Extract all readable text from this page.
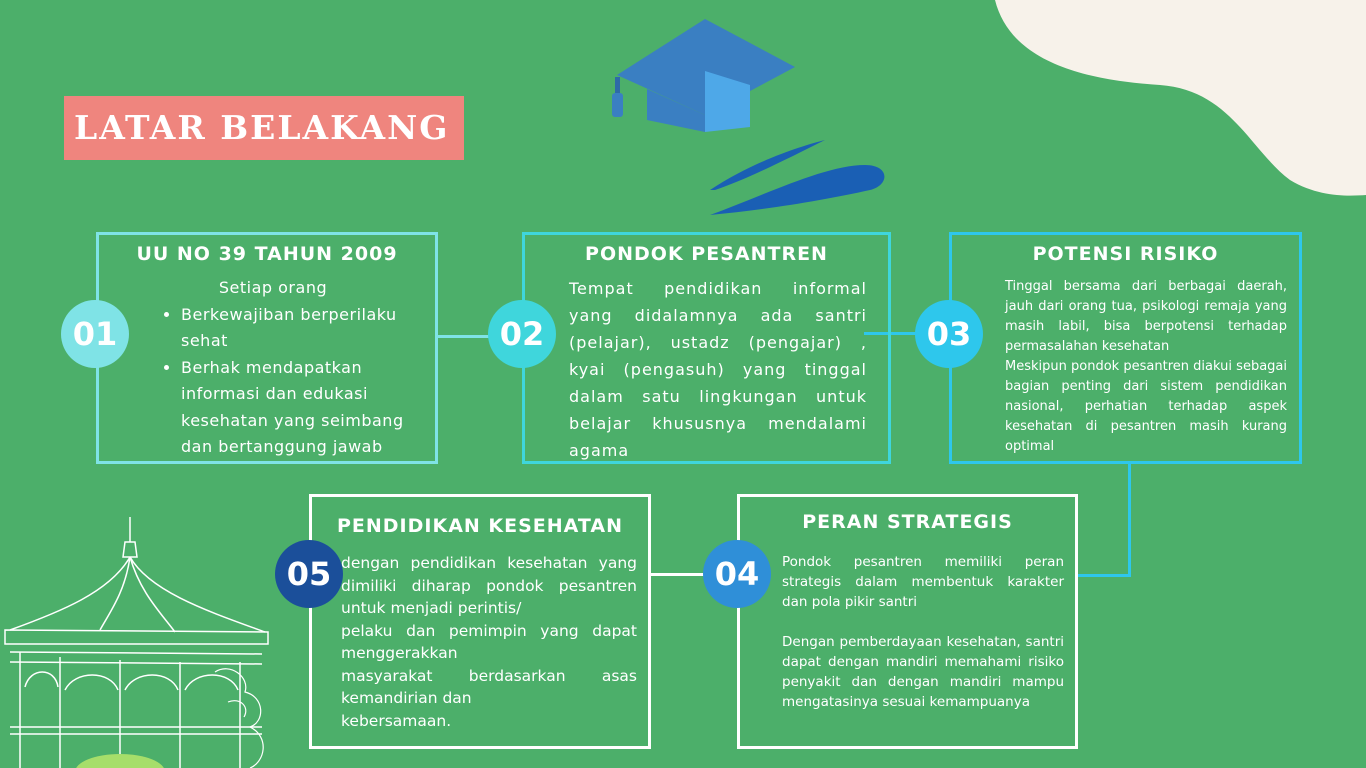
LATAR BELAKANG
UU NO 39 TAHUN 2009

Setiap orang

• Berkewajiban berperilaku sehat
• Berhak mendapatkan informasi dan edukasi kesehatan yang seimbang dan bertanggung jawab
01
PONDOK PESANTREN

Tempat pendidikan informal yang didalamnya ada santri (pelajar), ustadz (pengajar) , kyai (pengasuh) yang tinggal dalam satu lingkungan untuk belajar khususnya mendalami agama

02
POTENSI RISIKO

Tinggal bersama dari berbagai daerah, jauh dari orang tua, psikologi remaja yang masih labil, bisa berpotensi terhadap permasalahan kesehatan

Meskipun pondok pesantren diakui sebagai bagian penting dari sistem pendidikan nasional, perhatian terhadap aspek kesehatan di pesantren masih kurang optimal

03
PENDIDIKAN KESEHATAN

dengan pendidikan kesehatan yang dimiliki diharap pondok pesantren untuk menjadi perintis/

pelaku dan pemimpin yang dapat menggerakkan

masyarakat berdasarkan asas kemandirian dan

kebersamaan.

05
PERAN STRATEGIS

Pondok pesantren memiliki peran strategis dalam membentuk karakter dan pola pikir santri

Dengan pemberdayaan kesehatan, santri dapat dengan mandiri memahami risiko penyakit dan dengan mandiri mampu mengatasinya sesuai kemampuanya

04
